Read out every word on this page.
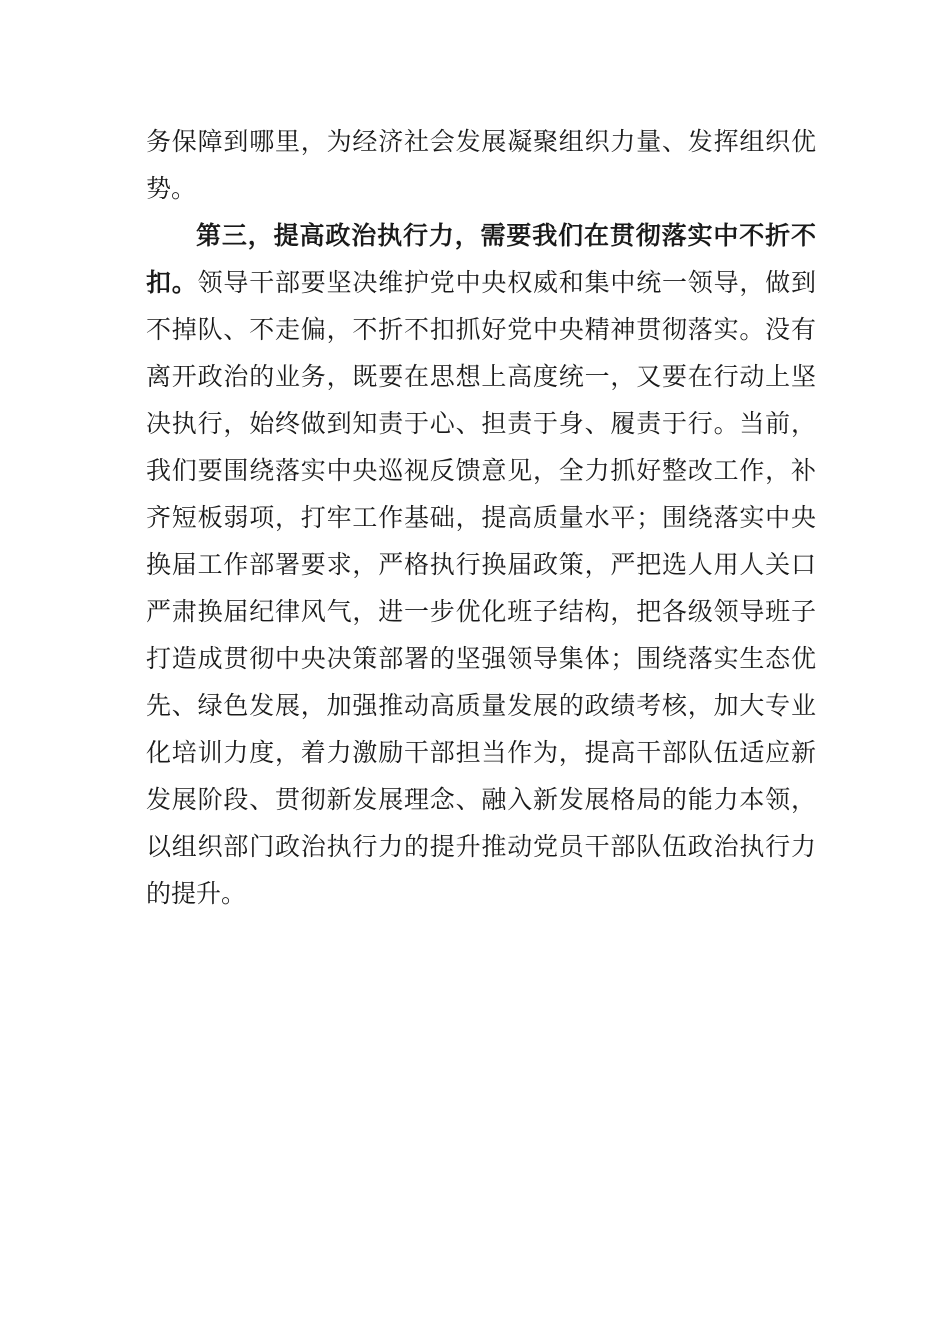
务保障到哪里，为经济社会发展凝聚组织力量、发挥组织优
势。
第三，提高政治执行力，需要我们在贯彻落实中不折不
扣。领导干部要坚决维护党中央权威和集中统一领导，做到
不掉队、不走偏，不折不扣抓好党中央精神贯彻落实。没有
离开政治的业务，既要在思想上高度统一，又要在行动上坚
决执行，始终做到知责于心、担责于身、履责于行。当前，
我们要围绕落实中央巡视反馈意见，全力抓好整改工作，补
齐短板弱项，打牢工作基础，提高质量水平；围绕落实中央
换届工作部署要求，严格执行换届政策，严把选人用人关口
严肃换届纪律风气，进一步优化班子结构，把各级领导班子
打造成贯彻中央决策部署的坚强领导集体；围绕落实生态优
先、绿色发展，加强推动高质量发展的政绩考核，加大专业
化培训力度，着力激励干部担当作为，提高干部队伍适应新
发展阶段、贯彻新发展理念、融入新发展格局的能力本领，
以组织部门政治执行力的提升推动党员干部队伍政治执行力
的提升。
